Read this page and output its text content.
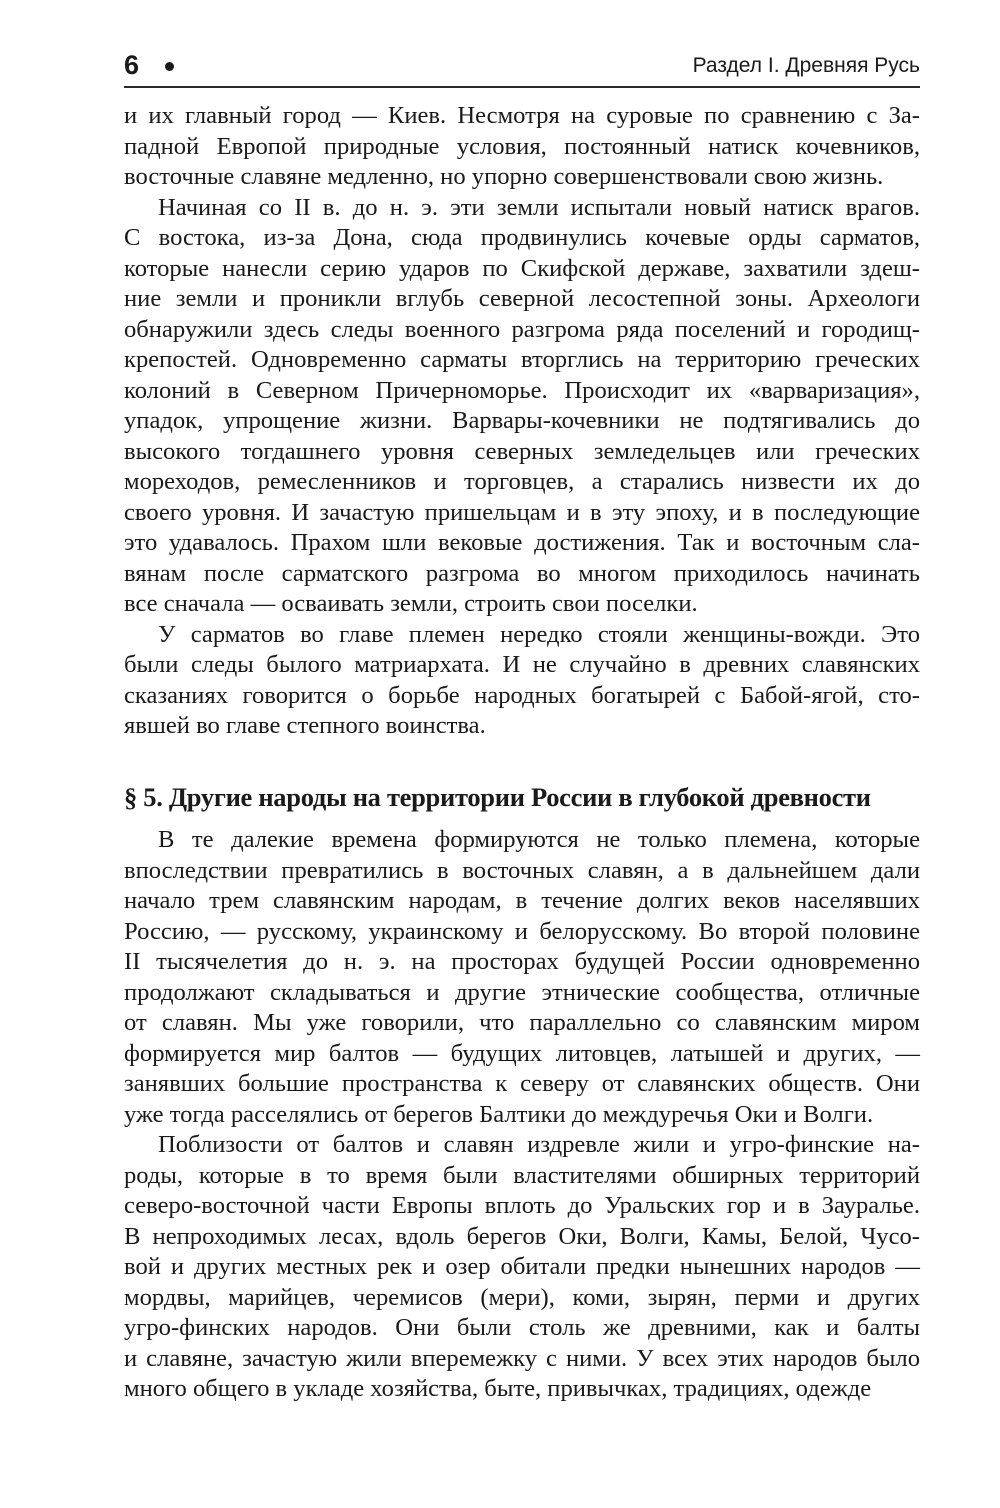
6	Раздел I. Древняя Русь
и их главный город — Киев. Несмотря на суровые по сравнению с За-
падной Европой природные условия, постоянный натиск кочевников,
восточные славяне медленно, но упорно совершенствовали свою жизнь.
Начиная со II в. до н. э. эти земли испытали новый натиск врагов.
С востока, из-за Дона, сюда продвинулись кочевые орды сарматов,
которые нанесли серию ударов по Скифской державе, захватили здеш-
ние земли и проникли вглубь северной лесостепной зоны. Археологи
обнаружили здесь следы военного разгрома ряда поселений и городищ-
крепостей. Одновременно сарматы вторглись на территорию греческих
колоний в Северном Причерноморье. Происходит их «варваризация»,
упадок, упрощение жизни. Варвары-кочевники не подтягивались до
высокого тогдашнего уровня северных земледельцев или греческих
мореходов, ремесленников и торговцев, а старались низвести их до
своего уровня. И зачастую пришельцам и в эту эпоху, и в последующие
это удавалось. Прахом шли вековые достижения. Так и восточным сла-
вянам после сарматского разгрома во многом приходилось начинать
все сначала — осваивать земли, строить свои поселки.
У сарматов во главе племен нередко стояли женщины-вожди. Это
были следы былого матриархата. И не случайно в древних славянских
сказаниях говорится о борьбе народных богатырей с Бабой-ягой, сто-
явшей во главе степного воинства.
§ 5. Другие народы на территории России в глубокой древности
В те далекие времена формируются не только племена, которые
впоследствии превратились в восточных славян, а в дальнейшем дали
начало трем славянским народам, в течение долгих веков населявших
Россию, — русскому, украинскому и белорусскому. Во второй половине
II тысячелетия до н. э. на просторах будущей России одновременно
продолжают складываться и другие этнические сообщества, отличные
от славян. Мы уже говорили, что параллельно со славянским миром
формируется мир балтов — будущих литовцев, латышей и других, —
занявших большие пространства к северу от славянских обществ. Они
уже тогда расселялись от берегов Балтики до междуречья Оки и Волги.
Поблизости от балтов и славян издревле жили и угро-финские на-
роды, которые в то время были властителями обширных территорий
северо-восточной части Европы вплоть до Уральских гор и в Зауралье.
В непроходимых лесах, вдоль берегов Оки, Волги, Камы, Белой, Чусо-
вой и других местных рек и озер обитали предки нынешних народов —
мордвы, марийцев, черемисов (мери), коми, зырян, перми и других
угро-финских народов. Они были столь же древними, как и балты
и славяне, зачастую жили вперемежку с ними. У всех этих народов было
много общего в укладе хозяйства, быте, привычках, традициях, одежде
